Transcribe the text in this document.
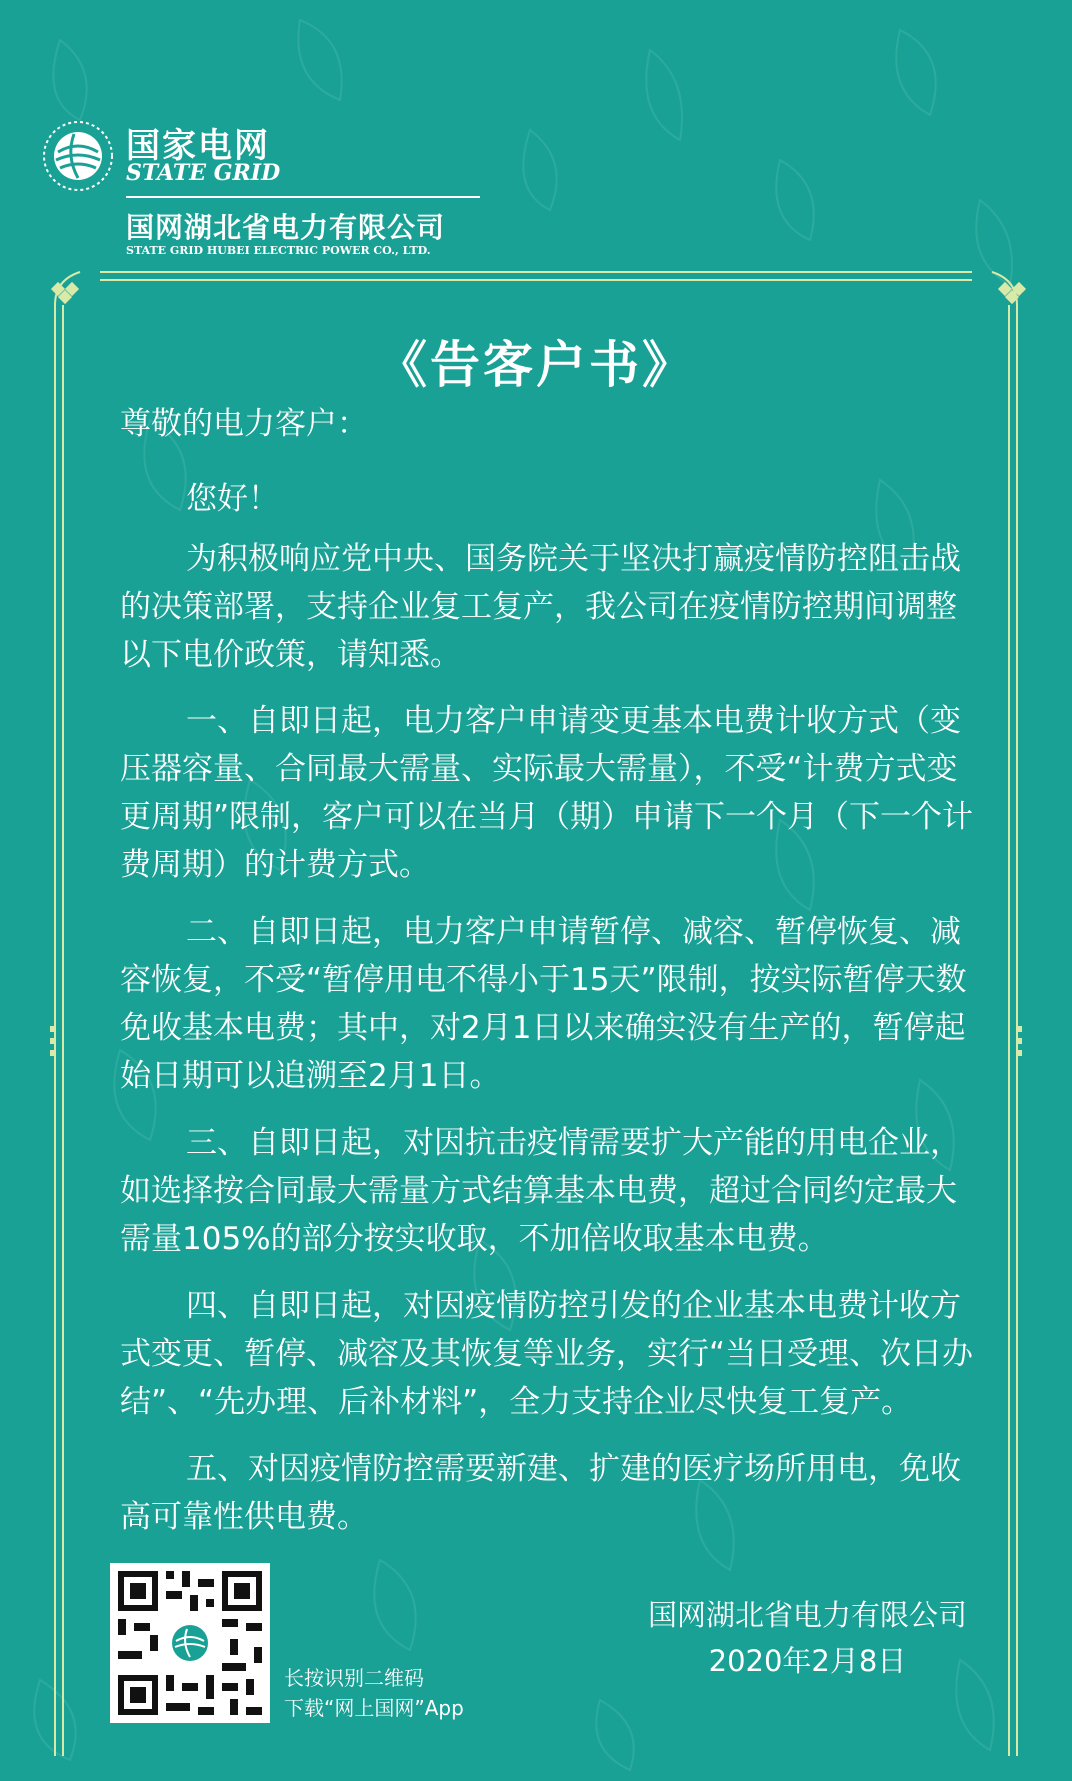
国家电网
STATE GRID
国网湖北省电力有限公司
STATE GRID HUBEI ELECTRIC POWER CO., LTD.
《告客户书》
尊敬的电力客户：
您好！
为积极响应党中央、国务院关于坚决打赢疫情防控阻击战的决策部署，支持企业复工复产，我公司在疫情防控期间调整以下电价政策，请知悉。
一、自即日起，电力客户申请变更基本电费计收方式（变压器容量、合同最大需量、实际最大需量），不受“计费方式变更周期”限制，客户可以在当月（期）申请下一个月（下一个计费周期）的计费方式。
二、自即日起，电力客户申请暂停、减容、暂停恢复、减容恢复，不受“暂停用电不得小于15天”限制，按实际暂停天数免收基本电费；其中，对2月1日以来确实没有生产的，暂停起始日期可以追溯至2月1日。
三、自即日起，对因抗击疫情需要扩大产能的用电企业，如选择按合同最大需量方式结算基本电费，超过合同约定最大需量105%的部分按实收取，不加倍收取基本电费。
四、自即日起，对因疫情防控引发的企业基本电费计收方式变更、暂停、减容及其恢复等业务，实行“当日受理、次日办结”、“先办理、后补材料”，全力支持企业尽快复工复产。
五、对因疫情防控需要新建、扩建的医疗场所用电，免收高可靠性供电费。
长按识别二维码
下载“网上国网”App
国网湖北省电力有限公司
2020年2月8日
